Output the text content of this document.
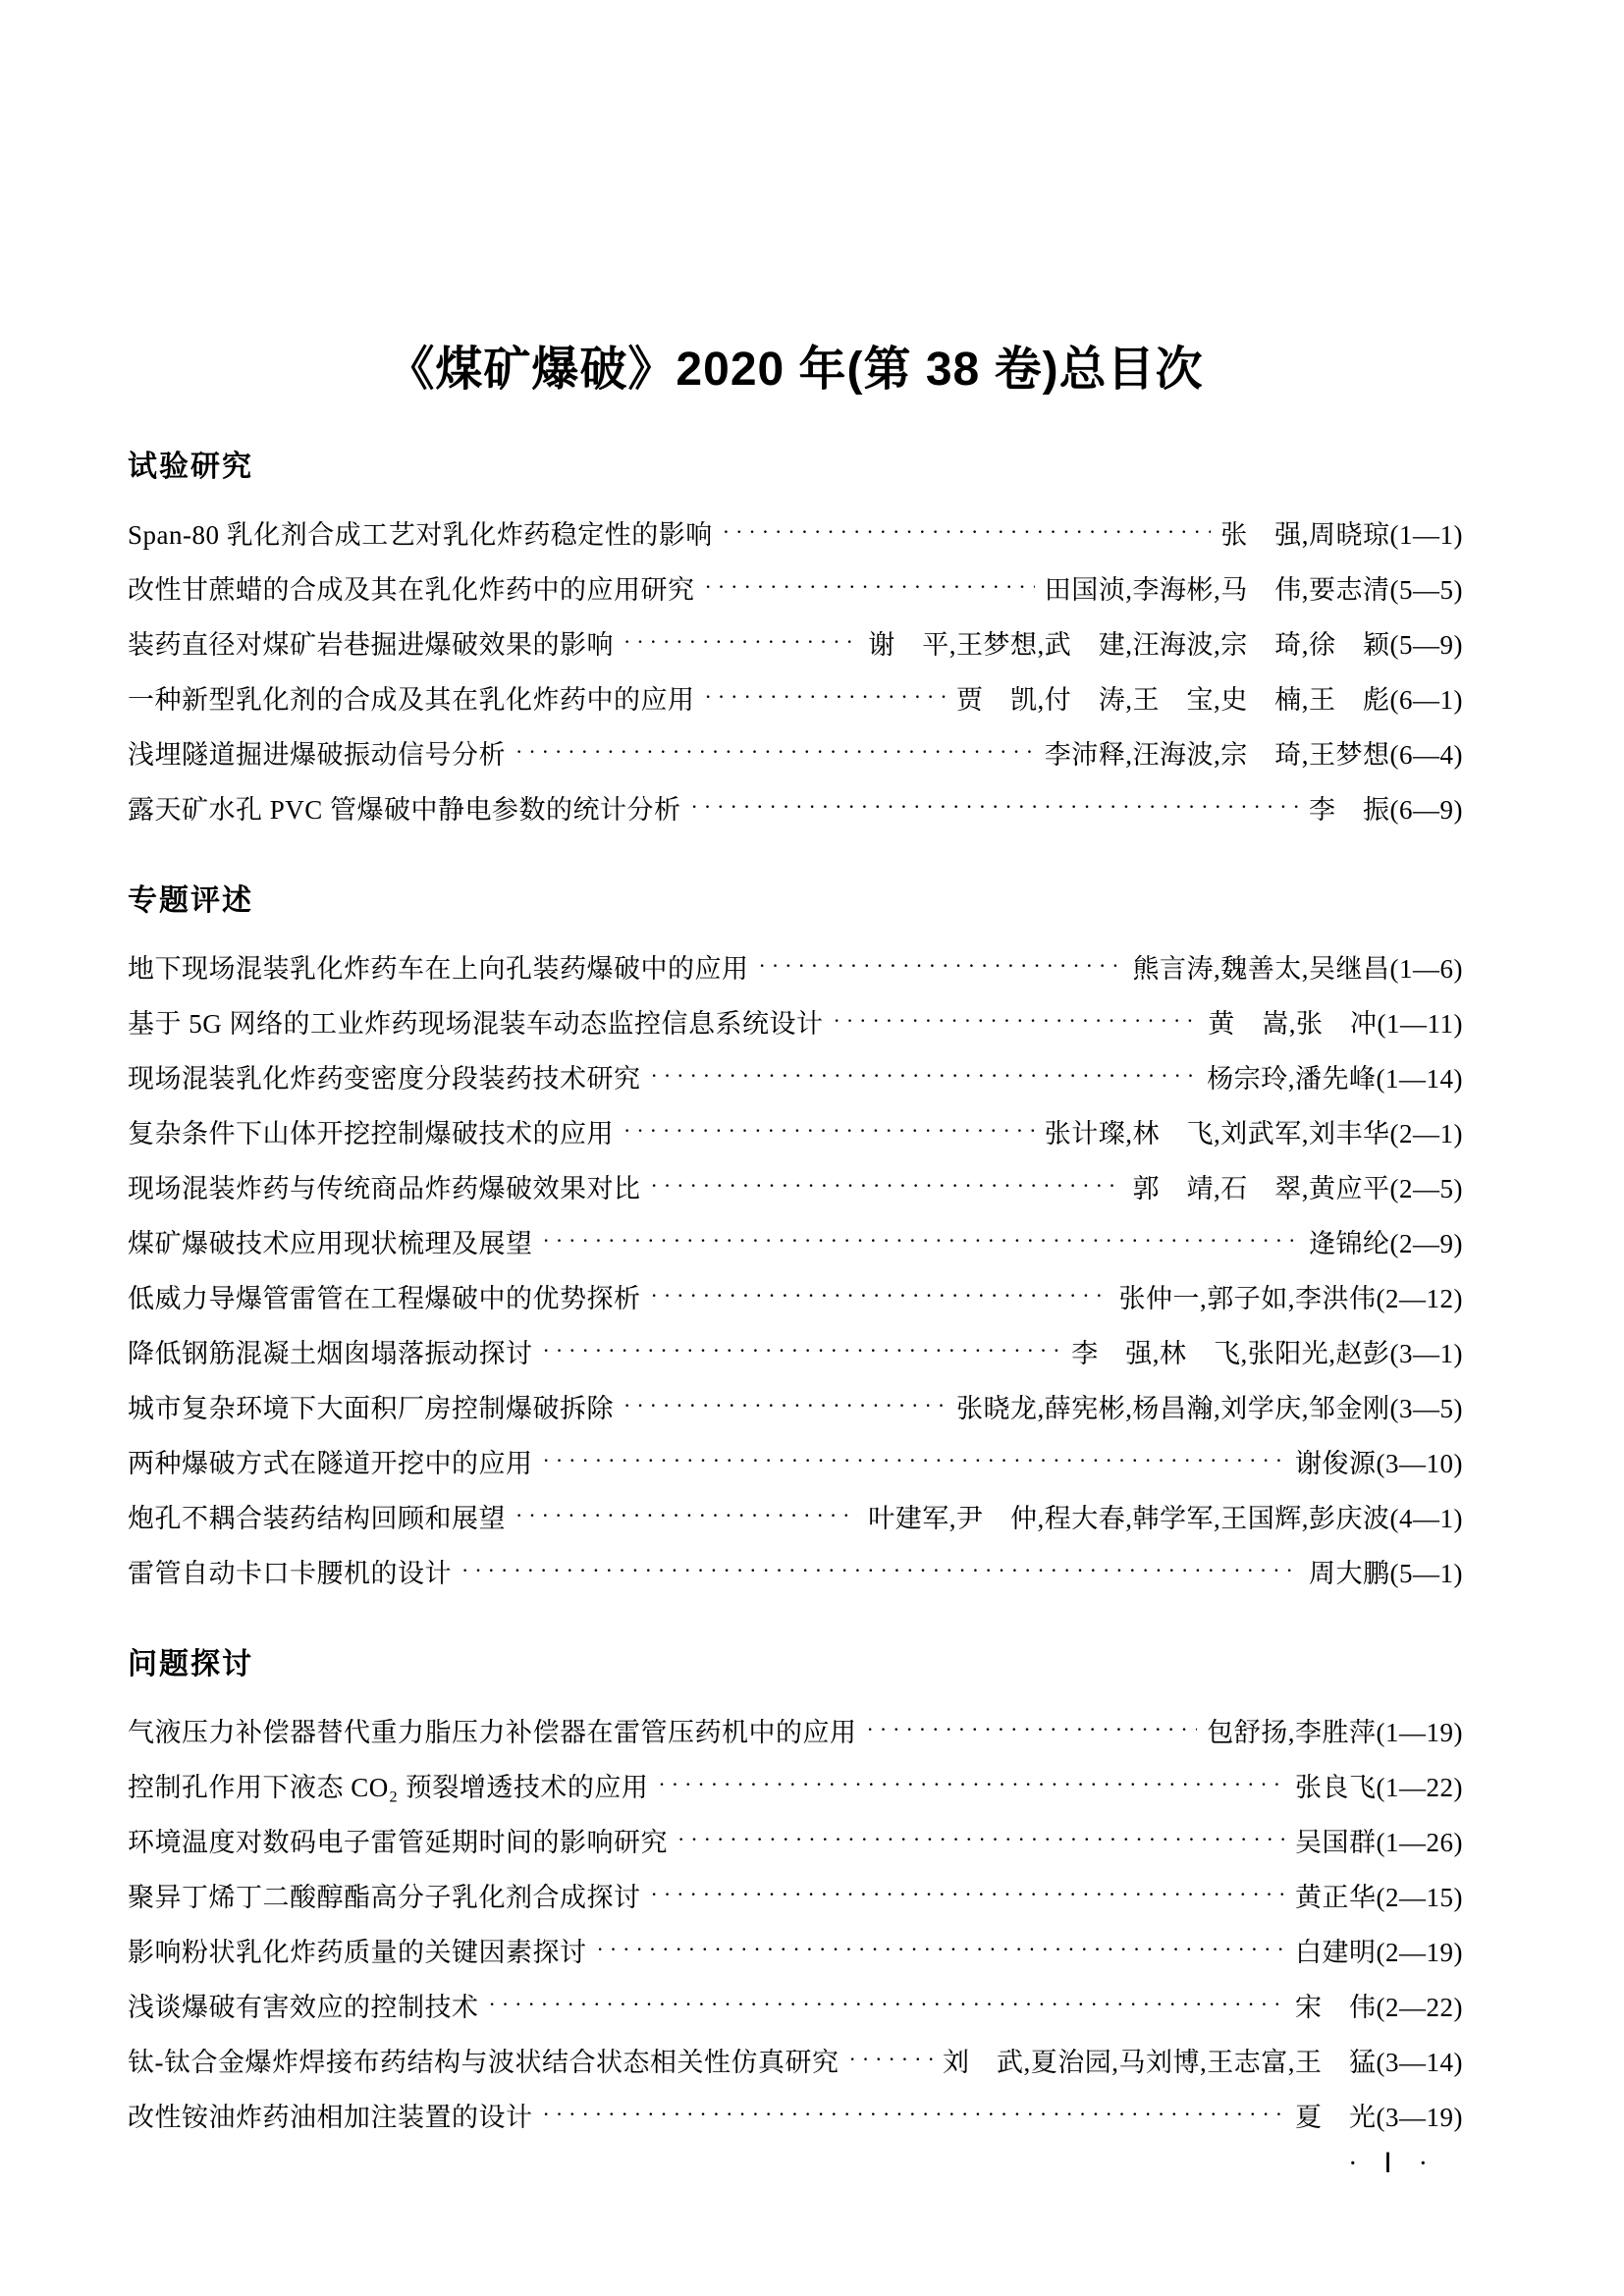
《煤矿爆破》2020 年(第 38 卷)总目次
试验研究
Span-80 乳化剂合成工艺对乳化炸药稳定性的影响 ·····	张　强,周晓琼(1—1)
改性甘蔗蜡的合成及其在乳化炸药中的应用研究 ·····	田国浈,李海彬,马　伟,要志清(5—5)
装药直径对煤矿岩巷掘进爆破效果的影响 ·····	谢　平,王梦想,武　建,汪海波,宗　琦,徐　颖(5—9)
一种新型乳化剂的合成及其在乳化炸药中的应用 ·····	贾　凯,付　涛,王　宝,史　楠,王　彪(6—1)
浅埋隧道掘进爆破振动信号分析 ·····	李沛释,汪海波,宗　琦,王梦想(6—4)
露天矿水孔 PVC 管爆破中静电参数的统计分析 ·····	李　振(6—9)
专题评述
地下现场混装乳化炸药车在上向孔装药爆破中的应用 ·····	熊言涛,魏善太,吴继昌(1—6)
基于 5G 网络的工业炸药现场混装车动态监控信息系统设计 ·····	黄　嵩,张　冲(1—11)
现场混装乳化炸药变密度分段装药技术研究 ·····	杨宗玲,潘先峰(1—14)
复杂条件下山体开挖控制爆破技术的应用 ·····	张计璨,林　飞,刘武军,刘丰华(2—1)
现场混装炸药与传统商品炸药爆破效果对比 ·····	郭　靖,石　翠,黄应平(2—5)
煤矿爆破技术应用现状梳理及展望 ·····	逄锦纶(2—9)
低威力导爆管雷管在工程爆破中的优势探析 ·····	张仲一,郭子如,李洪伟(2—12)
降低钢筋混凝土烟囱塌落振动探讨 ·····	李　强,林　飞,张阳光,赵彭(3—1)
城市复杂环境下大面积厂房控制爆破拆除 ·····	张晓龙,薛宪彬,杨昌瀚,刘学庆,邹金刚(3—5)
两种爆破方式在隧道开挖中的应用 ·····	谢俊源(3—10)
炮孔不耦合装药结构回顾和展望 ·····	叶建军,尹　仲,程大春,韩学军,王国辉,彭庆波(4—1)
雷管自动卡口卡腰机的设计 ·····	周大鹏(5—1)
问题探讨
气液压力补偿器替代重力脂压力补偿器在雷管压药机中的应用 ·····	包舒扬,李胜萍(1—19)
控制孔作用下液态 CO₂ 预裂增透技术的应用 ·····	张良飞(1—22)
环境温度对数码电子雷管延期时间的影响研究 ·····	吴国群(1—26)
聚异丁烯丁二酸醇酯高分子乳化剂合成探讨 ·····	黄正华(2—15)
影响粉状乳化炸药质量的关键因素探讨 ·····	白建明(2—19)
浅谈爆破有害效应的控制技术 ·····	宋　伟(2—22)
钛-钛合金爆炸焊接布药结构与波状结合状态相关性仿真研究 ·····	刘　武,夏治园,马刘博,王志富,王　猛(3—14)
改性铵油炸药油相加注装置的设计 ·····	夏　光(3—19)
· Ⅰ ·
